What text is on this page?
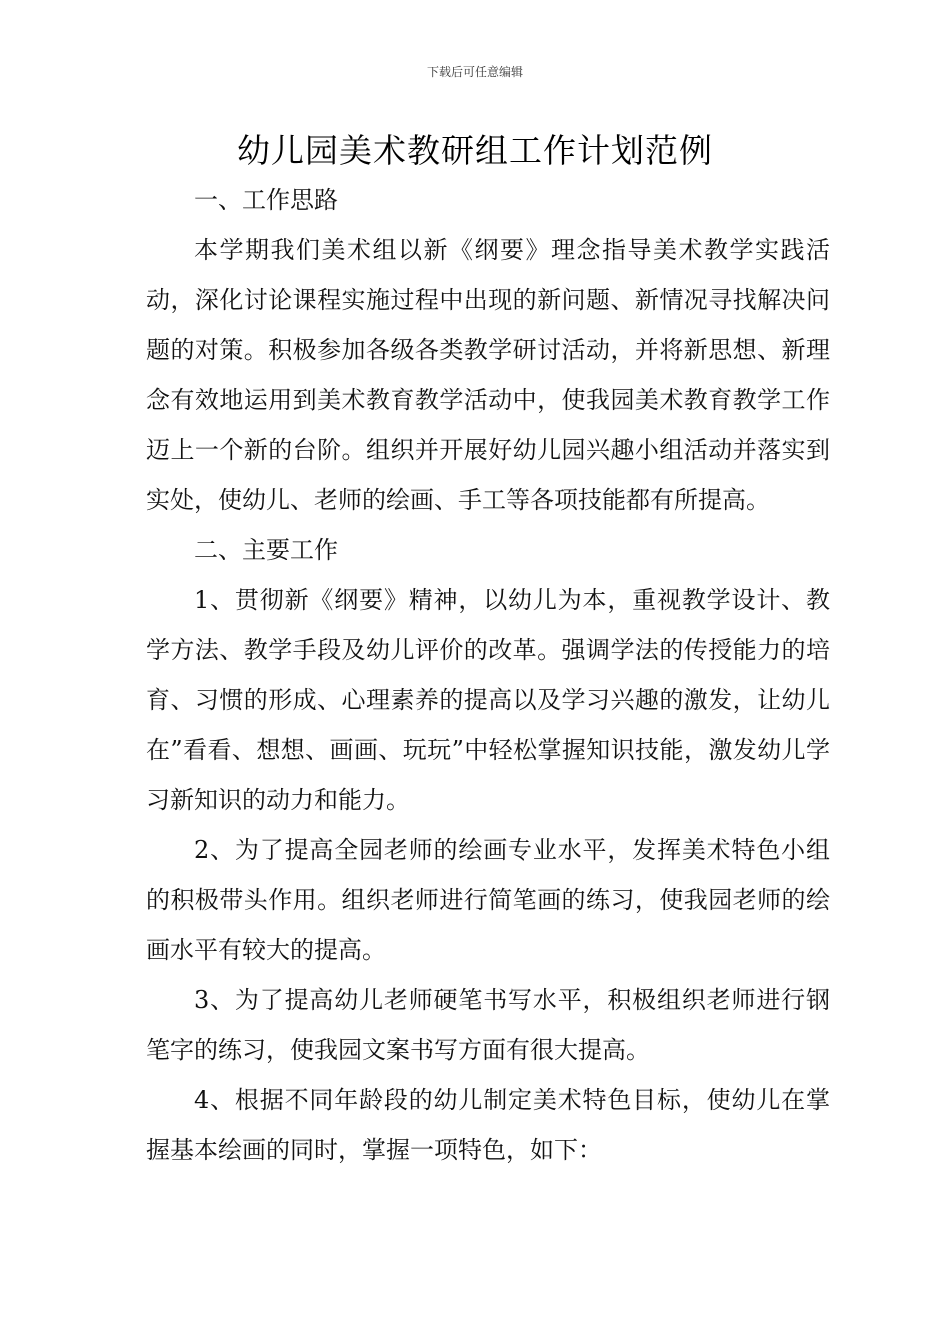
下载后可任意编辑
幼儿园美术教研组工作计划范例

一、工作思路

本学期我们美术组以新《纲要》理念指导美术教学实践活动，深化讨论课程实施过程中出现的新问题、新情况寻找解决问题的对策。积极参加各级各类教学研讨活动，并将新思想、新理念有效地运用到美术教育教学活动中，使我园美术教育教学工作迈上一个新的台阶。组织并开展好幼儿园兴趣小组活动并落实到实处，使幼儿、老师的绘画、手工等各项技能都有所提高。

二、主要工作

1、贯彻新《纲要》精神，以幼儿为本，重视教学设计、教学方法、教学手段及幼儿评价的改革。强调学法的传授能力的培育、习惯的形成、心理素养的提高以及学习兴趣的激发，让幼儿在”看看、想想、画画、玩玩”中轻松掌握知识技能，激发幼儿学习新知识的动力和能力。

2、为了提高全园老师的绘画专业水平，发挥美术特色小组的积极带头作用。组织老师进行简笔画的练习，使我园老师的绘画水平有较大的提高。

3、为了提高幼儿老师硬笔书写水平，积极组织老师进行钢笔字的练习，使我园文案书写方面有很大提高。

4、根据不同年龄段的幼儿制定美术特色目标，使幼儿在掌握基本绘画的同时，掌握一项特色，如下：
